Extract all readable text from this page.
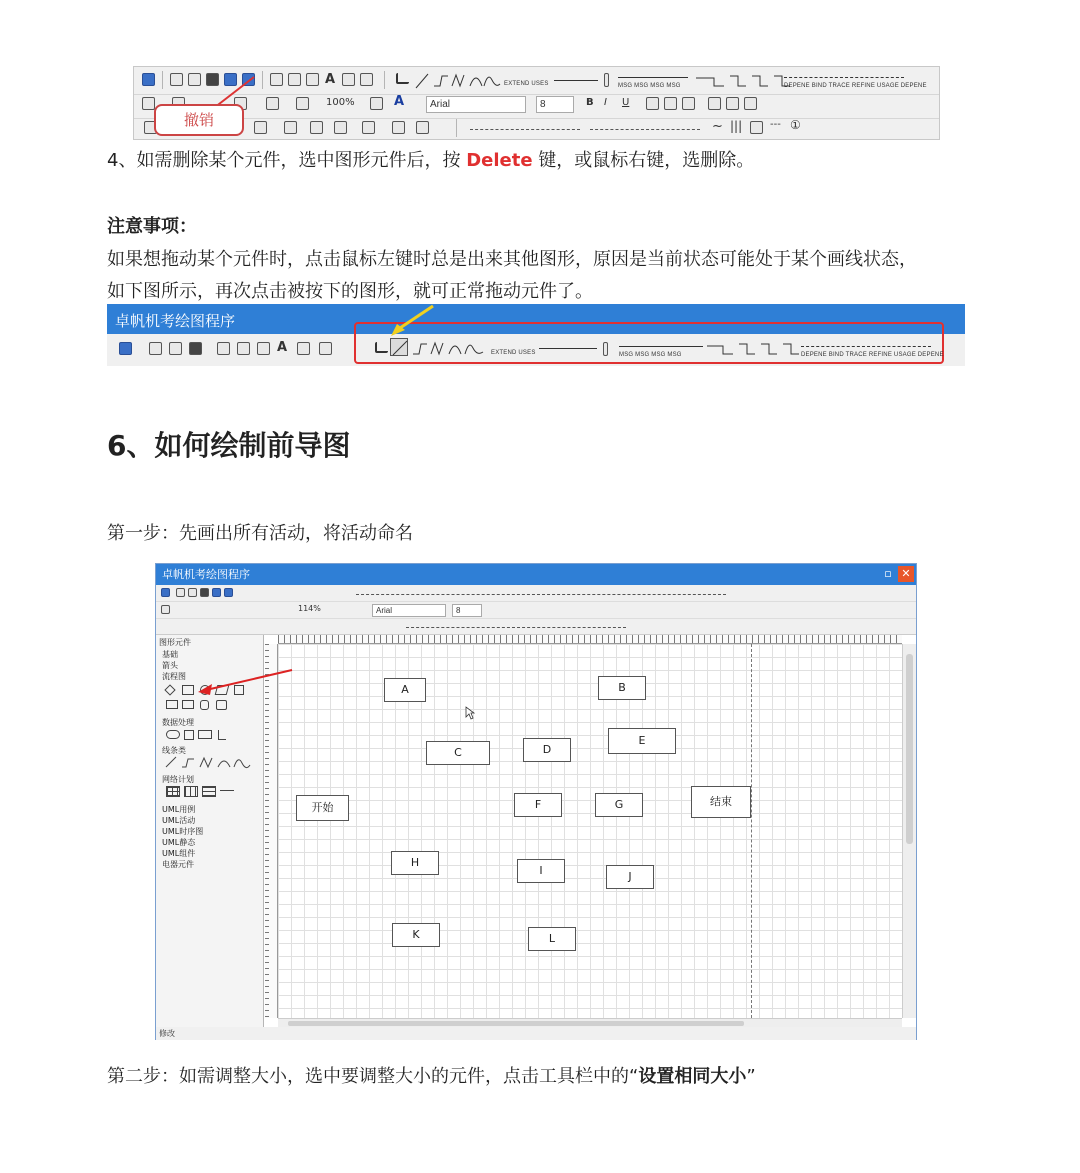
A	EXTEND USES	MSG MSG MSG MSG	DEPENE BIND TRACE REFINE USAGE DEPENE
100%	A	Arial	8	B I U
~ |||	--- ①
撤销
4、如需删除某个元件，选中图形元件后，按 Delete 键，或鼠标右键，选删除。
注意事项：
如果想拖动某个元件时，点击鼠标左键时总是出来其他图形，原因是当前状态可能处于某个画线状态，
如下图所示，再次点击被按下的图形，就可正常拖动元件了。
卓帆机考绘图程序
A	EXTEND USES	MSG MSG MSG MSG	DEPENE BIND TRACE REFINE USAGE DEPENE
6、如何绘制前导图
第一步：先画出所有活动，将活动命名
卓帆机考绘图程序	▫ ✕
114%	Arial	8
图形元件
基础
箭头
流程图
数据处理
线条类
网络计划
UML用例
UML活动
UML时序图
UML静态
UML组件
电器元件
A	B
C	D
E
开始	F	G	结束
H
I	J
K	L
修改
第二步：如需调整大小，选中要调整大小的元件，点击工具栏中的“设置相同大小”
